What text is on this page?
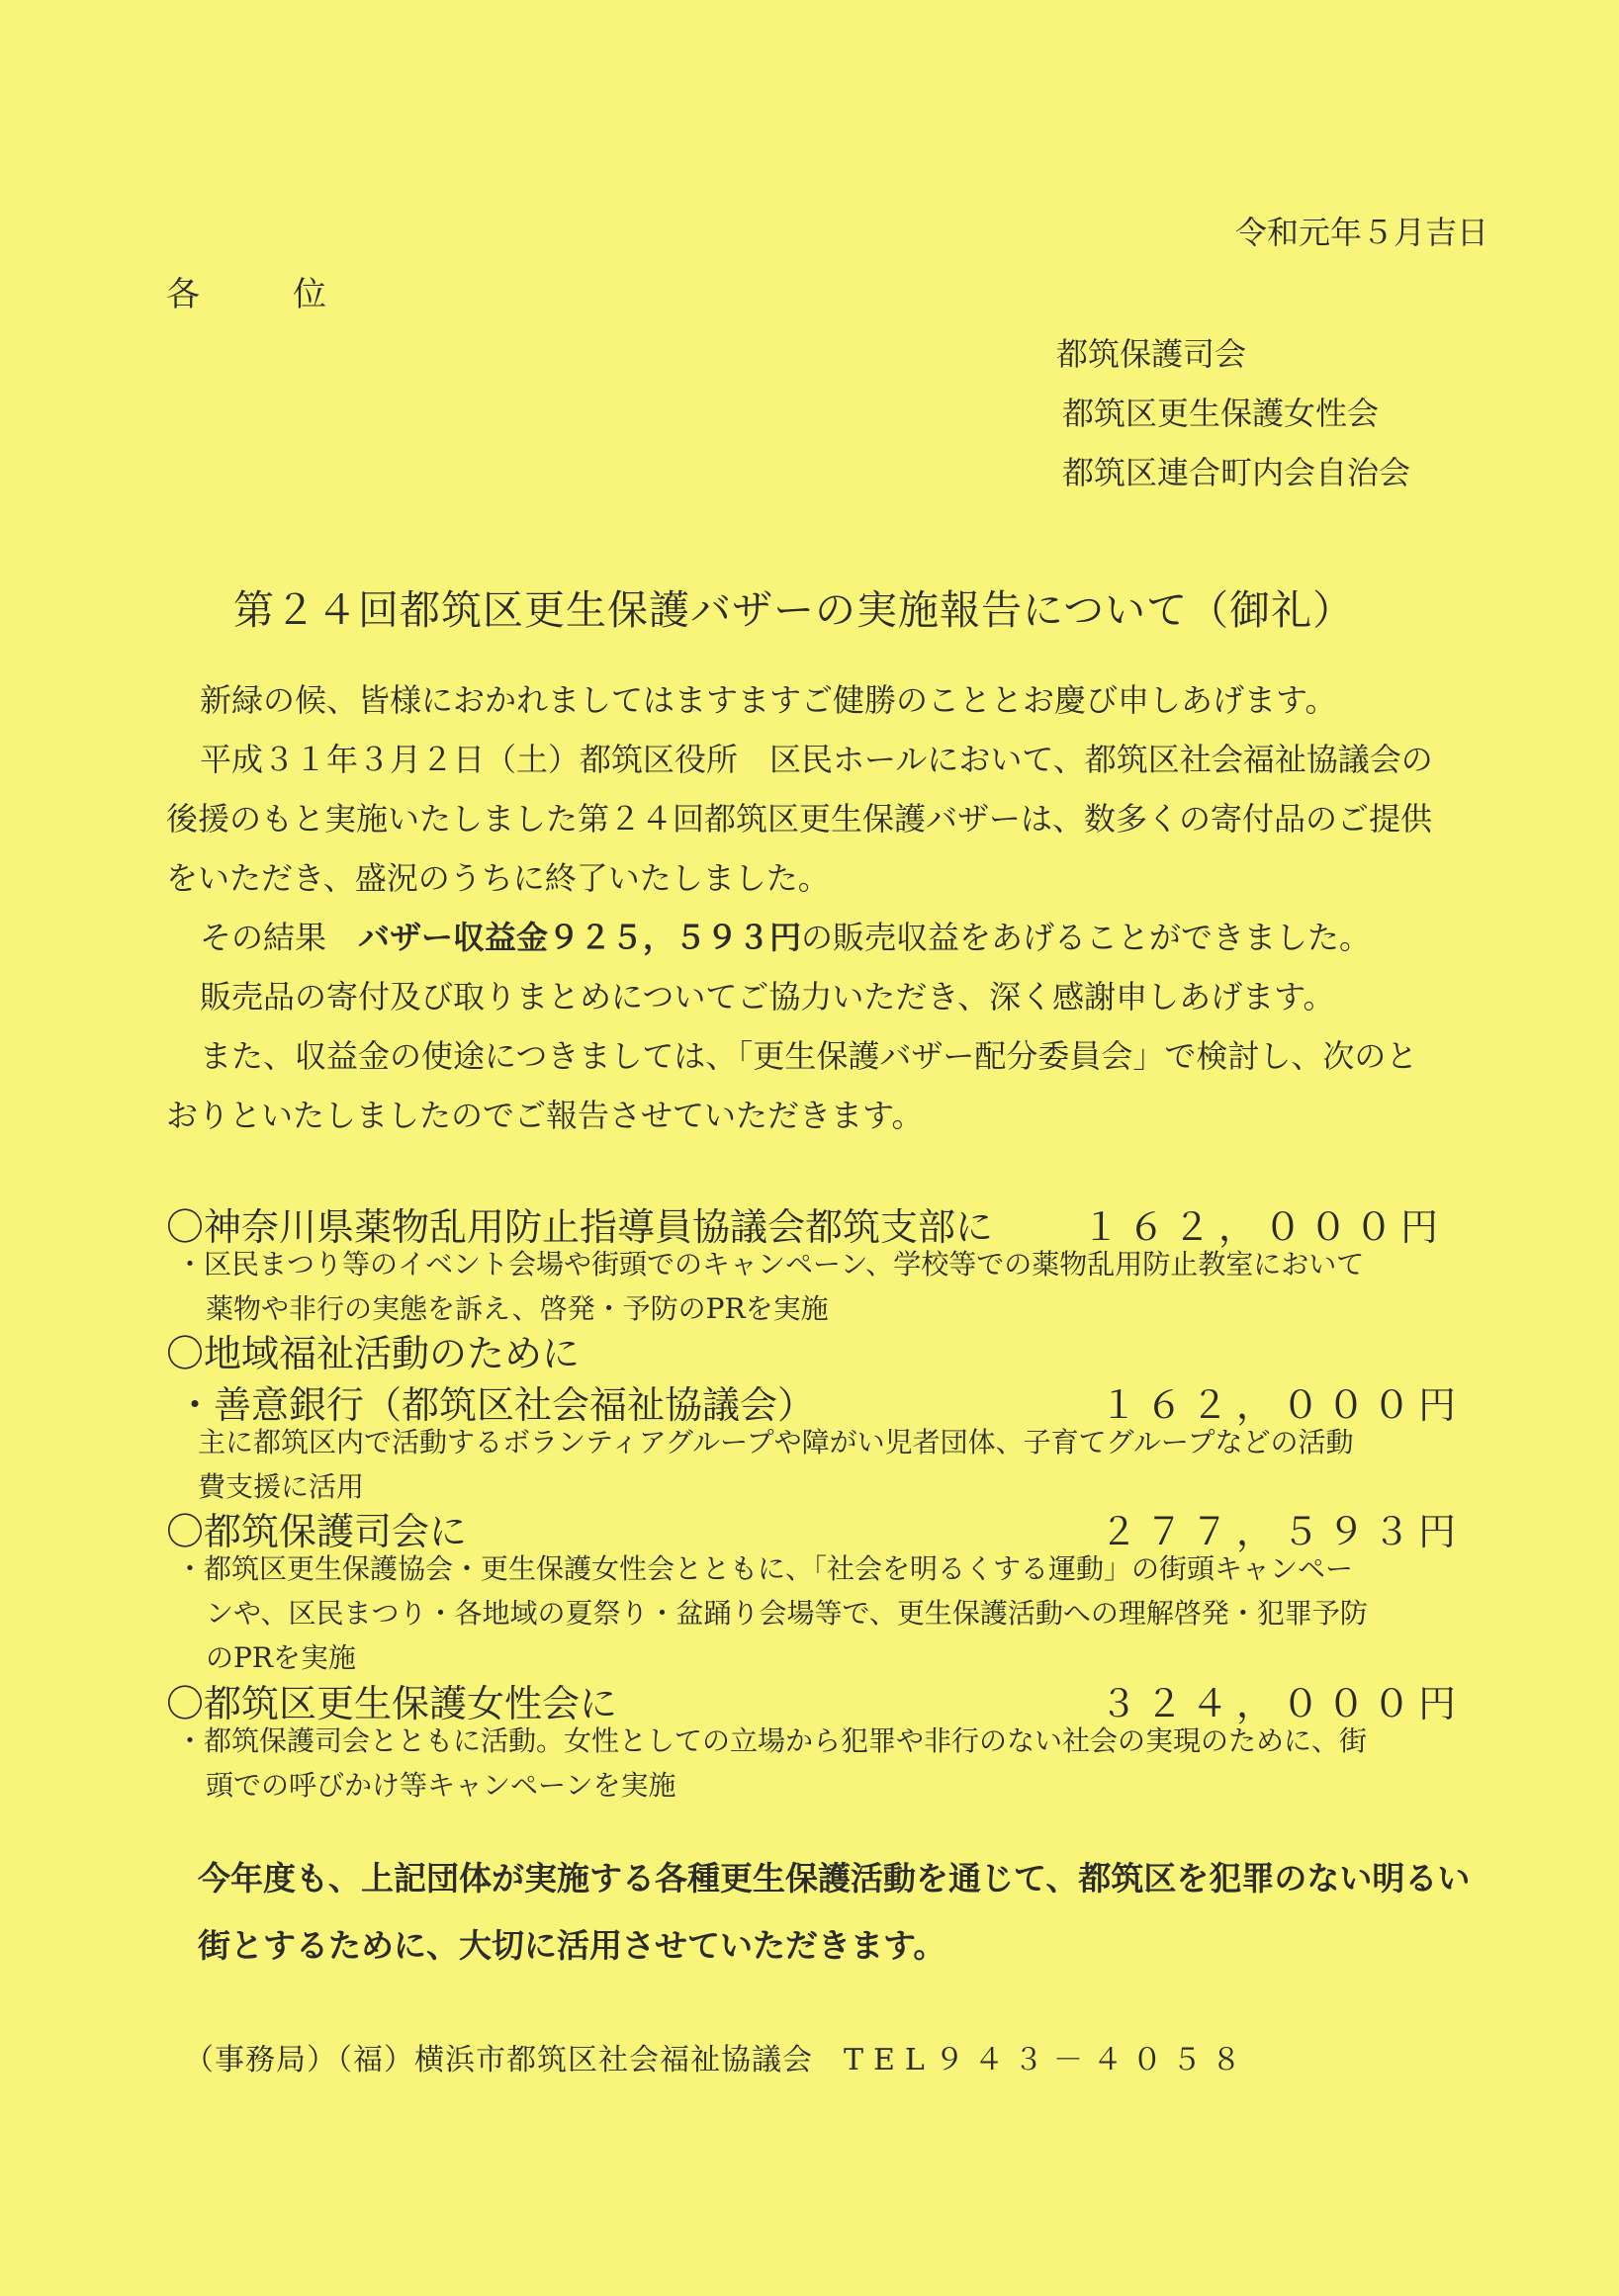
令和元年５月吉日
各　位
都筑保護司会
都筑区更生保護女性会
都筑区連合町内会自治会
第２４回都筑区更生保護バザーの実施報告について（御礼）
新緑の候、皆様におかれましてはますますご健勝のこととお慶び申しあげます。
平成３１年３月２日（土）都筑区役所　区民ホールにおいて、都筑区社会福祉協議会の
後援のもと実施いたしました第２４回都筑区更生保護バザーは、数多くの寄付品のご提供
をいただき、盛況のうちに終了いたしました。
その結果　バザー収益金９２５，５９３円の販売収益をあげることができました。
販売品の寄付及び取りまとめについてご協力いただき、深く感謝申しあげます。
また、収益金の使途につきましては、「更生保護バザー配分委員会」で検討し、次のと
おりといたしましたのでご報告させていただきます。
〇神奈川県薬物乱用防止指導員協議会都筑支部に １６２，０００円
・区民まつり等のイベント会場や街頭でのキャンペーン、学校等での薬物乱用防止教室において
薬物や非行の実態を訴え、啓発・予防のPRを実施
〇地域福祉活動のために
・善意銀行（都筑区社会福祉協議会）	１６２，０００円
主に都筑区内で活動するボランティアグループや障がい児者団体、子育てグループなどの活動
費支援に活用
〇都筑保護司会に	２７７，５９３円
・都筑区更生保護協会・更生保護女性会とともに、「社会を明るくする運動」の街頭キャンペー
ンや、区民まつり・各地域の夏祭り・盆踊り会場等で、更生保護活動への理解啓発・犯罪予防
のPRを実施
〇都筑区更生保護女性会に	３２４，０００円
・都筑保護司会とともに活動。女性としての立場から犯罪や非行のない社会の実現のために、街
頭での呼びかけ等キャンペーンを実施
今年度も、上記団体が実施する各種更生保護活動を通じて、都筑区を犯罪のない明るい
街とするために、大切に活用させていただきます。
（事務局）（福）横浜市都筑区社会福祉協議会　TEL９４３－４０５８
